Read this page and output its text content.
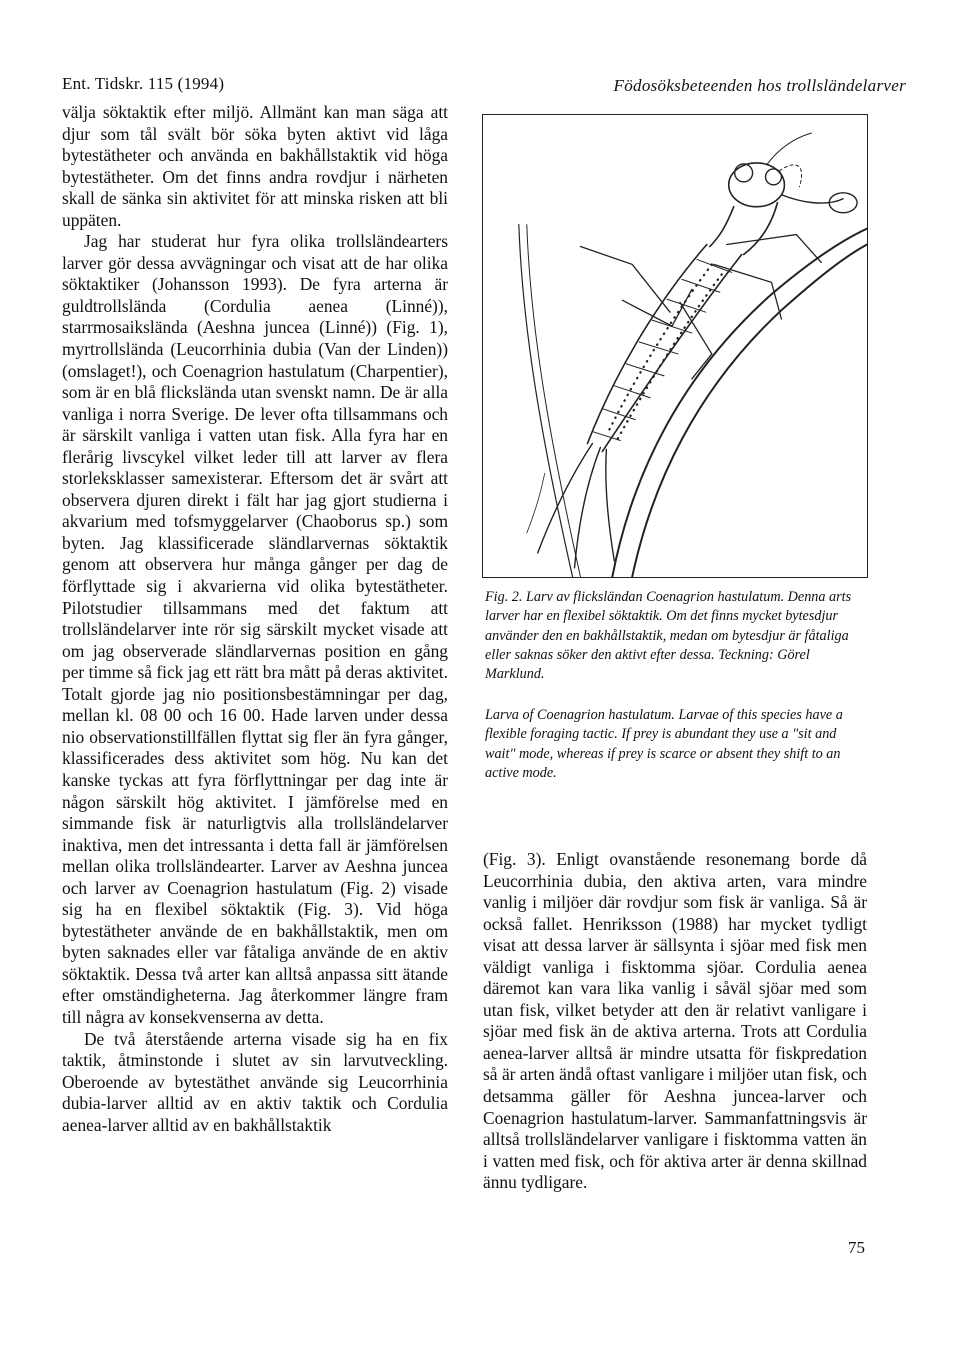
Ent. Tidskr. 115 (1994)	Födosöksbeteenden hos trollsländelarver

välja söktaktik efter miljö. Allmänt kan man säga att djur som tål svält bör söka byten aktivt vid låga bytestätheter och använda en bakhållstaktik vid höga bytestätheter. Om det finns andra rovdjur i närheten skall de sänka sin aktivitet för att minska risken att bli uppäten.

Jag har studerat hur fyra olika trollsländearters larver gör dessa avvägningar och visat att de har olika söktaktiker (Johansson 1993). De fyra arterna är guldtrollslända (Cordulia aenea (Linné)), starrmosaikslända (Aeshna juncea (Linné)) (Fig. 1), myrtrollslända (Leucorrhinia dubia (Van der Linden)) (omslaget!), och Coenagrion hastulatum (Charpentier), som är en blå flickslända utan svenskt namn. De är alla vanliga i norra Sverige. De lever ofta tillsammans och är särskilt vanliga i vatten utan fisk. Alla fyra har en flerårig livscykel vilket leder till att larver av flera storleksklasser samexisterar. Eftersom det är svårt att observera djuren direkt i fält har jag gjort studierna i akvarium med tofsmyggelarver (Chaoborus sp.) som byten. Jag klassificerade sländlarvernas söktaktik genom att observera hur många gånger per dag de förflyttade sig i akvarierna vid olika bytestätheter. Pilotstudier tillsammans med det faktum att trollsländelarver inte rör sig särskilt mycket visade att om jag observerade sländlarvernas position en gång per timme så fick jag ett rätt bra mått på deras aktivitet. Totalt gjorde jag nio positionsbestämningar per dag, mellan kl. 08 00 och 16 00. Hade larven under dessa nio observationstillfällen flyttat sig fler än fyra gånger, klassificerades dess aktivitet som hög. Nu kan det kanske tyckas att fyra förflyttningar per dag inte är någon särskilt hög aktivitet. I jämförelse med en simmande fisk är naturligtvis alla trollsländelarver inaktiva, men det intressanta i detta fall är jämförelsen mellan olika trollsländearter. Larver av Aeshna juncea och larver av Coenagrion hastulatum (Fig. 2) visade sig ha en flexibel söktaktik (Fig. 3). Vid höga bytestätheter använde de en bakhållstaktik, men om byten saknades eller var fåtaliga använde de en aktiv söktaktik. Dessa två arter kan alltså anpassa sitt ätande efter omständigheterna. Jag återkommer längre fram till några av konsekvenserna av detta.

De två återstående arterna visade sig ha en fix taktik, åtminstonde i slutet av sin larvutveckling. Oberoende av bytestäthet använde sig Leucorrhinia dubia-larver alltid av en aktiv taktik och Cordulia aenea-larver alltid av en bakhållstaktik

Fig. 2. Larv av flicksländan Coenagrion hastulatum. Denna arts larver har en flexibel söktaktik. Om det finns mycket bytesdjur använder den en bakhållstaktik, medan om bytesdjur är fåtaliga eller saknas söker den aktivt efter dessa. Teckning: Görel Marklund.

Larva of Coenagrion hastulatum. Larvae of this species have a flexible foraging tactic. If prey is abundant they use a "sit and wait" mode, whereas if prey is scarce or absent they shift to an active mode.

(Fig. 3). Enligt ovanstående resonemang borde då Leucorrhinia dubia, den aktiva arten, vara mindre vanlig i miljöer där rovdjur som fisk är vanliga. Så är också fallet. Henriksson (1988) har mycket tydligt visat att dessa larver är sällsynta i sjöar med fisk men väldigt vanliga i fisktomma sjöar. Cordulia aenea däremot kan vara lika vanlig i såväl sjöar med som utan fisk, vilket betyder att den är relativt vanligare i sjöar med fisk än de aktiva arterna. Trots att Cordulia aenea-larver alltså är mindre utsatta för fiskpredation så är arten ändå oftast vanligare i miljöer utan fisk, och detsamma gäller för Aeshna juncea-larver och Coenagrion hastulatum-larver. Sammanfattningsvis är alltså trollsländelarver vanligare i fisktomma vatten än i vatten med fisk, och för aktiva arter är denna skillnad ännu tydligare.

75
